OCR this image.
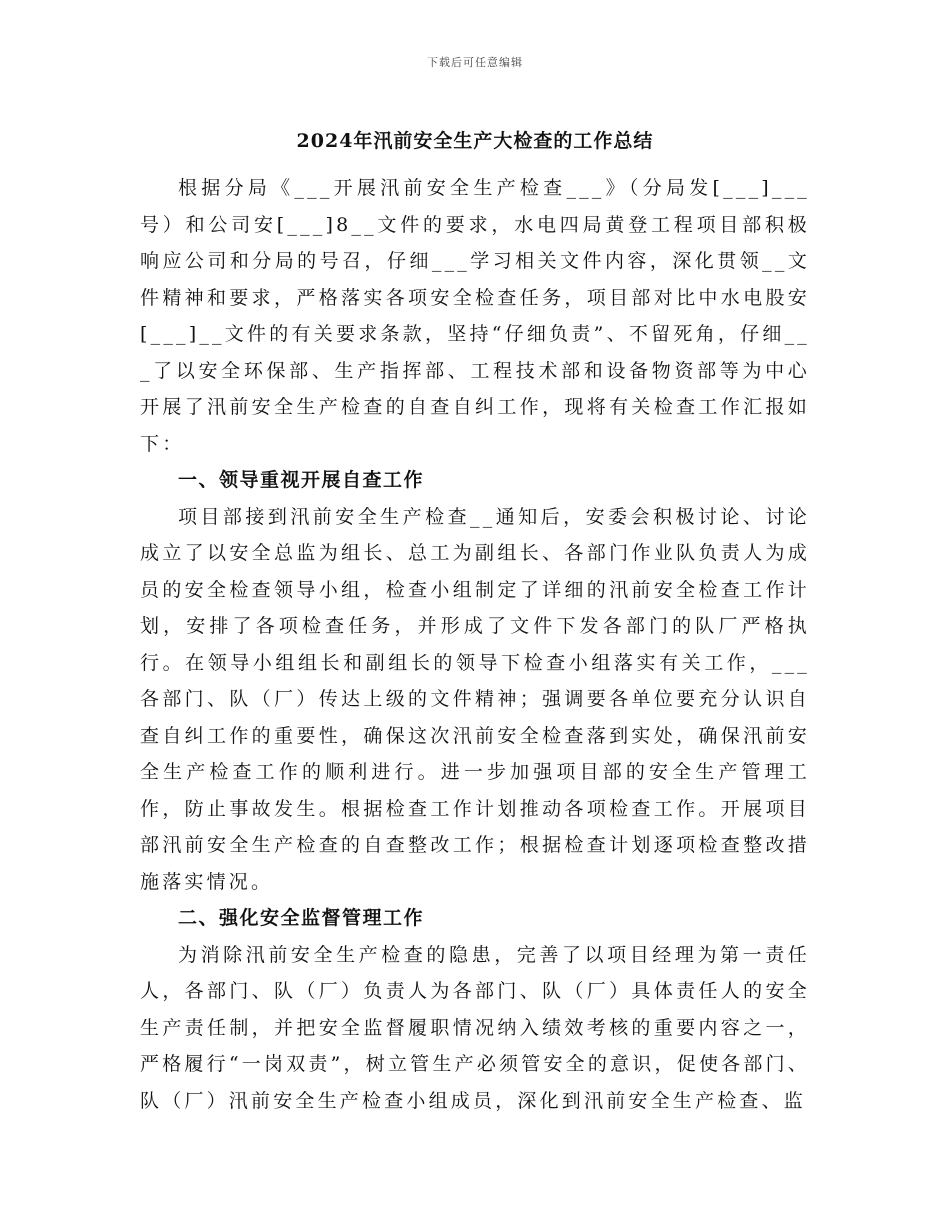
下载后可任意编辑
2024年汛前安全生产大检查的工作总结

根据分局《___开展汛前安全生产检查___》（分局发[___]___号）和公司安[___]8__文件的要求，水电四局黄登工程项目部积极响应公司和分局的号召，仔细___学习相关文件内容，深化贯领__文件精神和要求，严格落实各项安全检查任务，项目部对比中水电股安[___]__文件的有关要求条款，坚持“仔细负责”、不留死角，仔细___了以安全环保部、生产指挥部、工程技术部和设备物资部等为中心开展了汛前安全生产检查的自查自纠工作，现将有关检查工作汇报如下：

一、领导重视开展自查工作

项目部接到汛前安全生产检查__通知后，安委会积极讨论、讨论成立了以安全总监为组长、总工为副组长、各部门作业队负责人为成员的安全检查领导小组，检查小组制定了详细的汛前安全检查工作计划，安排了各项检查任务，并形成了文件下发各部门的队厂严格执行。在领导小组组长和副组长的领导下检查小组落实有关工作，___各部门、队（厂）传达上级的文件精神；强调要各单位要充分认识自查自纠工作的重要性，确保这次汛前安全检查落到实处，确保汛前安全生产检查工作的顺利进行。进一步加强项目部的安全生产管理工作，防止事故发生。根据检查工作计划推动各项检查工作。开展项目部汛前安全生产检查的自查整改工作；根据检查计划逐项检查整改措施落实情况。

二、强化安全监督管理工作

为消除汛前安全生产检查的隐患，完善了以项目经理为第一责任人，各部门、队（厂）负责人为各部门、队（厂）具体责任人的安全生产责任制，并把安全监督履职情况纳入绩效考核的重要内容之一，严格履行“一岗双责”，树立管生产必须管安全的意识，促使各部门、队（厂）汛前安全生产检查小组成员，深化到汛前安全生产检查、监
